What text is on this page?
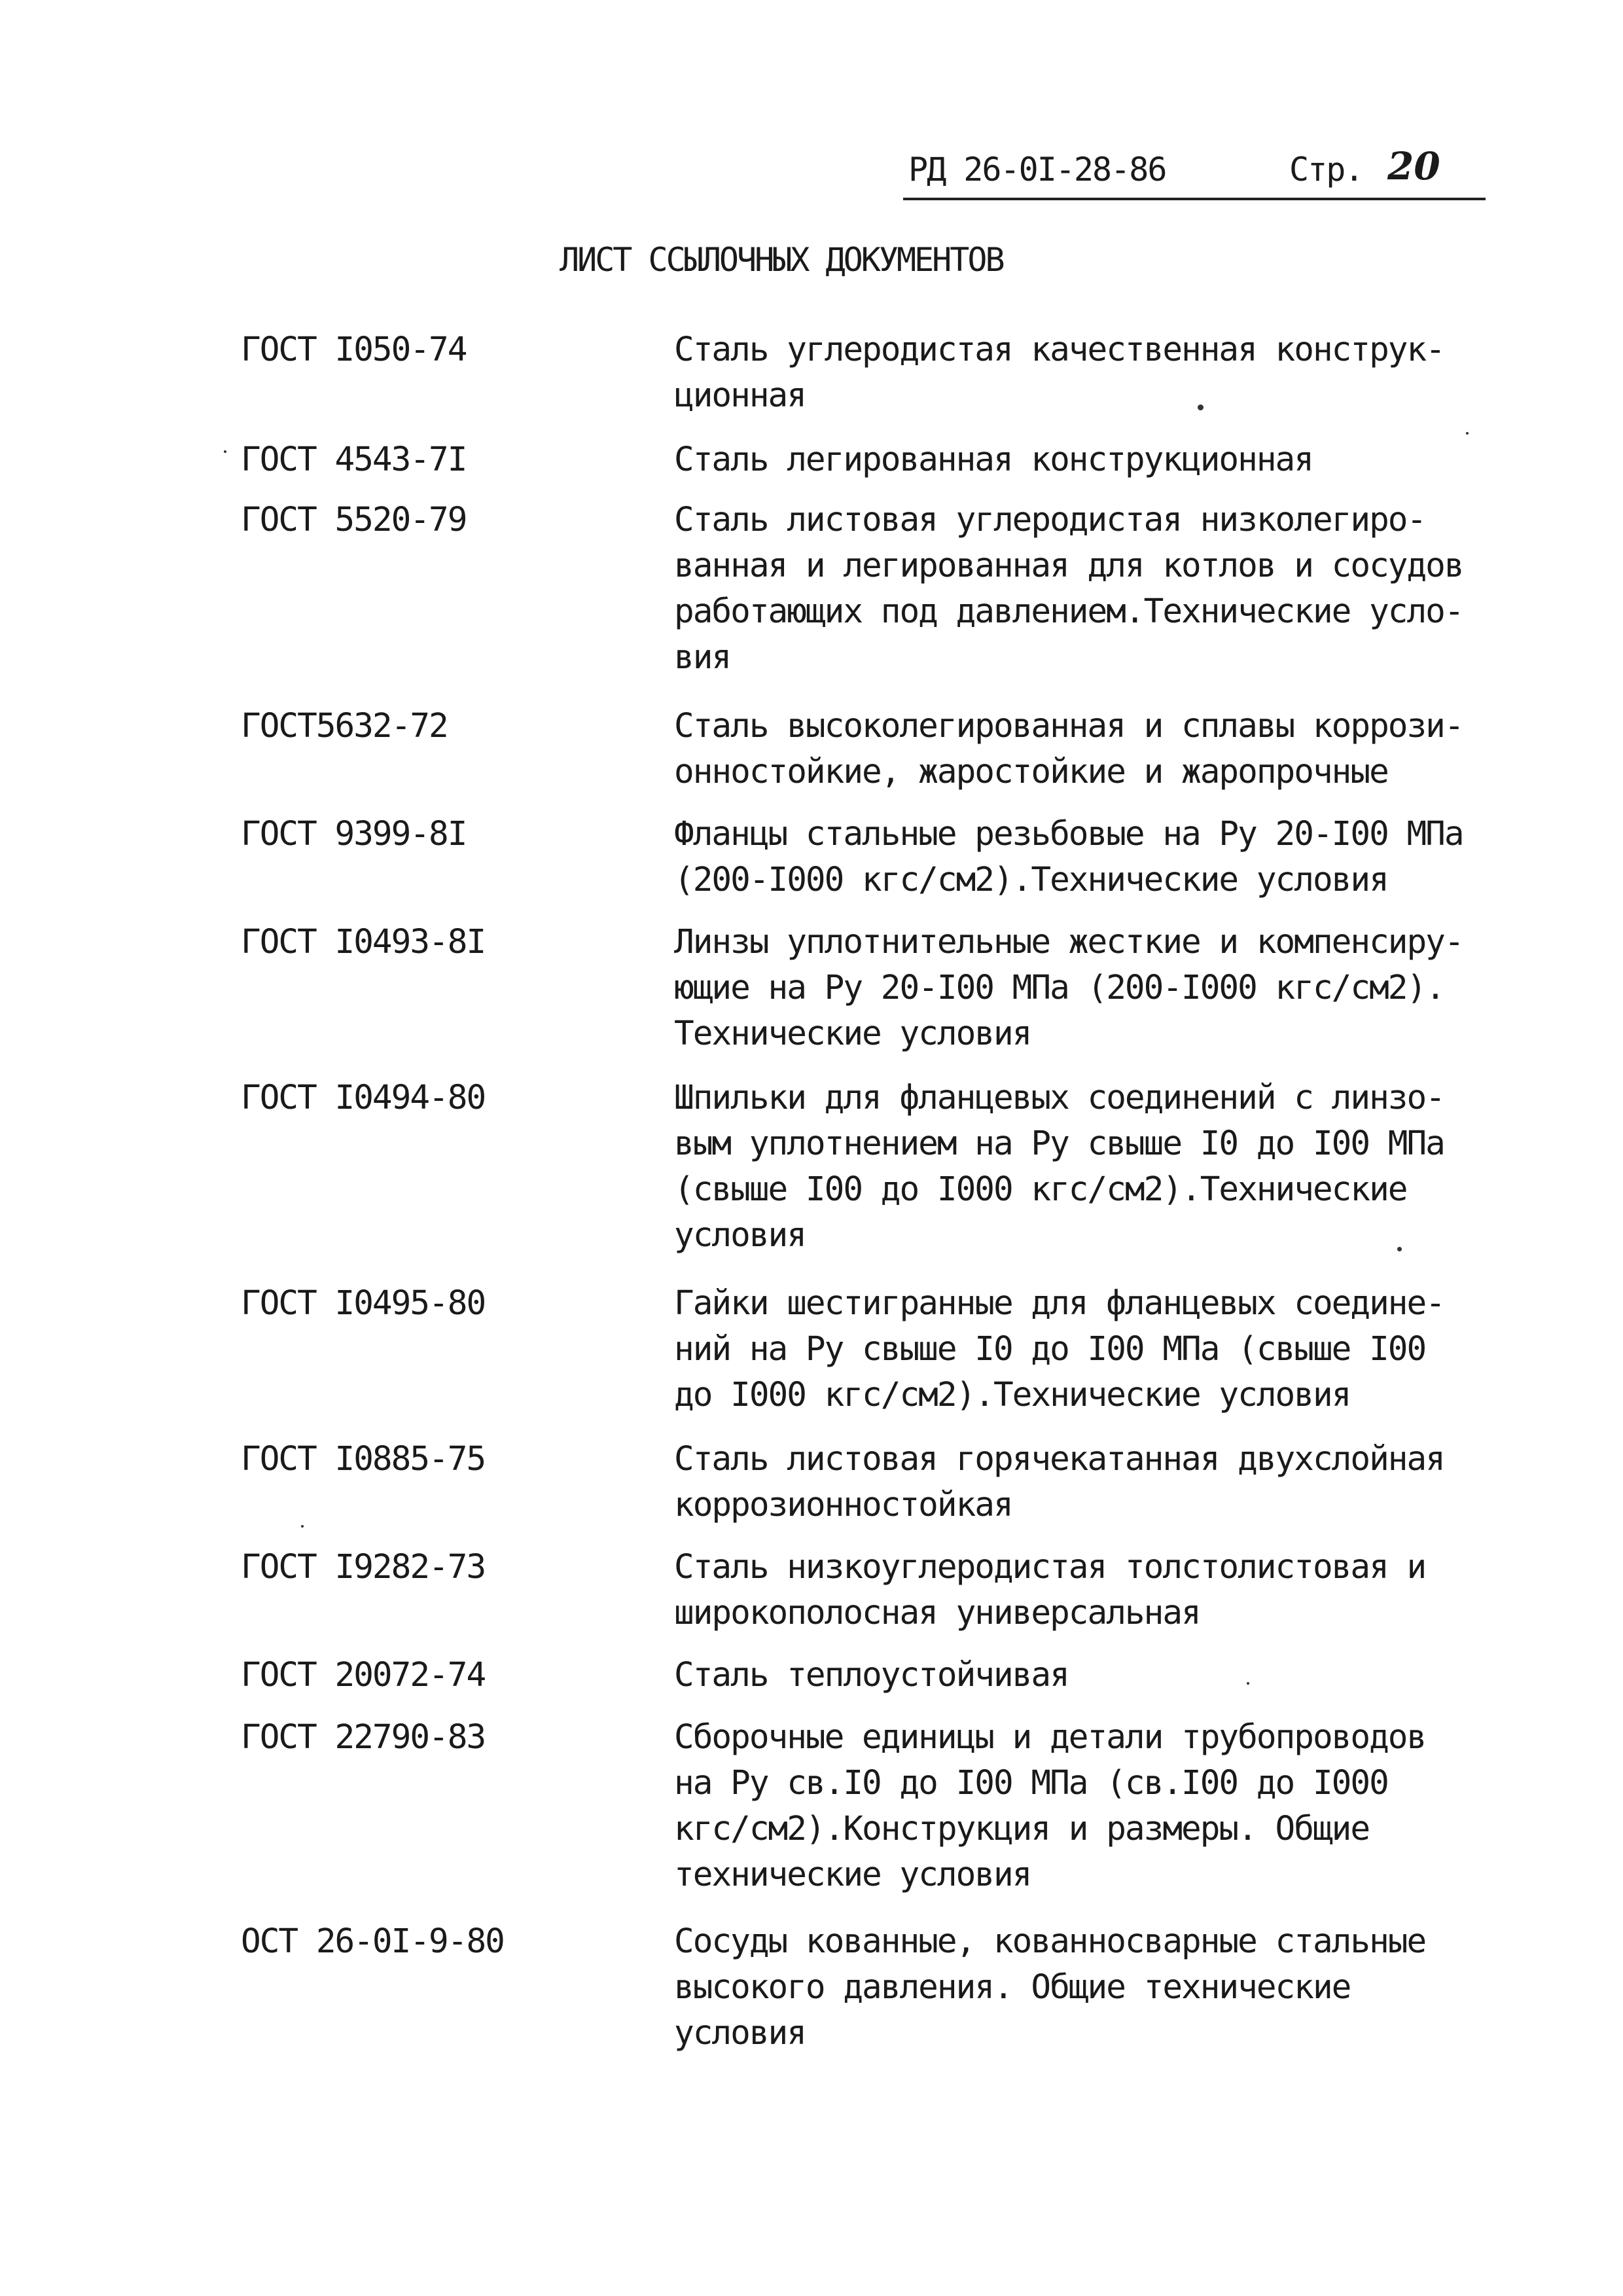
РД 26-0I-28-86	Стр. 20
ЛИСТ ССЫЛОЧНЫХ ДОКУМЕНТОВ
ГОСТ I050-74	Сталь углеродистая качественная конструк-
ционная
ГОСТ 4543-7I	Сталь легированная конструкционная
ГОСТ 5520-79	Сталь листовая углеродистая низколегиро-
ванная и легированная для котлов и сосудов
работающих под давлением.Технические усло-
вия
ГОСТ5632-72	Сталь высоколегированная и сплавы коррози-
онностойкие, жаростойкие и жаропрочные
ГОСТ 9399-8I	Фланцы стальные резьбовые на Ру 20-I00 МПа
(200-I000 кгс/см2).Технические условия
ГОСТ I0493-8I	Линзы уплотнительные жесткие и компенсиру-
ющие на Ру 20-I00 МПа (200-I000 кгс/см2).
Технические условия
ГОСТ I0494-80	Шпильки для фланцевых соединений с линзо-
вым уплотнением на Ру свыше I0 до I00 МПа
(свыше I00 до I000 кгс/см2).Технические
условия
ГОСТ I0495-80	Гайки шестигранные для фланцевых соедине-
ний на Ру свыше I0 до I00 МПа (свыше I00
до I000 кгс/см2).Технические условия
ГОСТ I0885-75	Сталь листовая горячекатанная двухслойная
коррозионностойкая
ГОСТ I9282-73	Сталь низкоуглеродистая толстолистовая и
широкополосная универсальная
ГОСТ 20072-74	Сталь теплоустойчивая
ГОСТ 22790-83	Сборочные единицы и детали трубопроводов
на Ру св.I0 до I00 МПа (св.I00 до I000
кгс/см2).Конструкция и размеры. Общие
технические условия
ОСТ 26-0I-9-80	Сосуды кованные, кованносварные стальные
высокого давления. Общие технические
условия
